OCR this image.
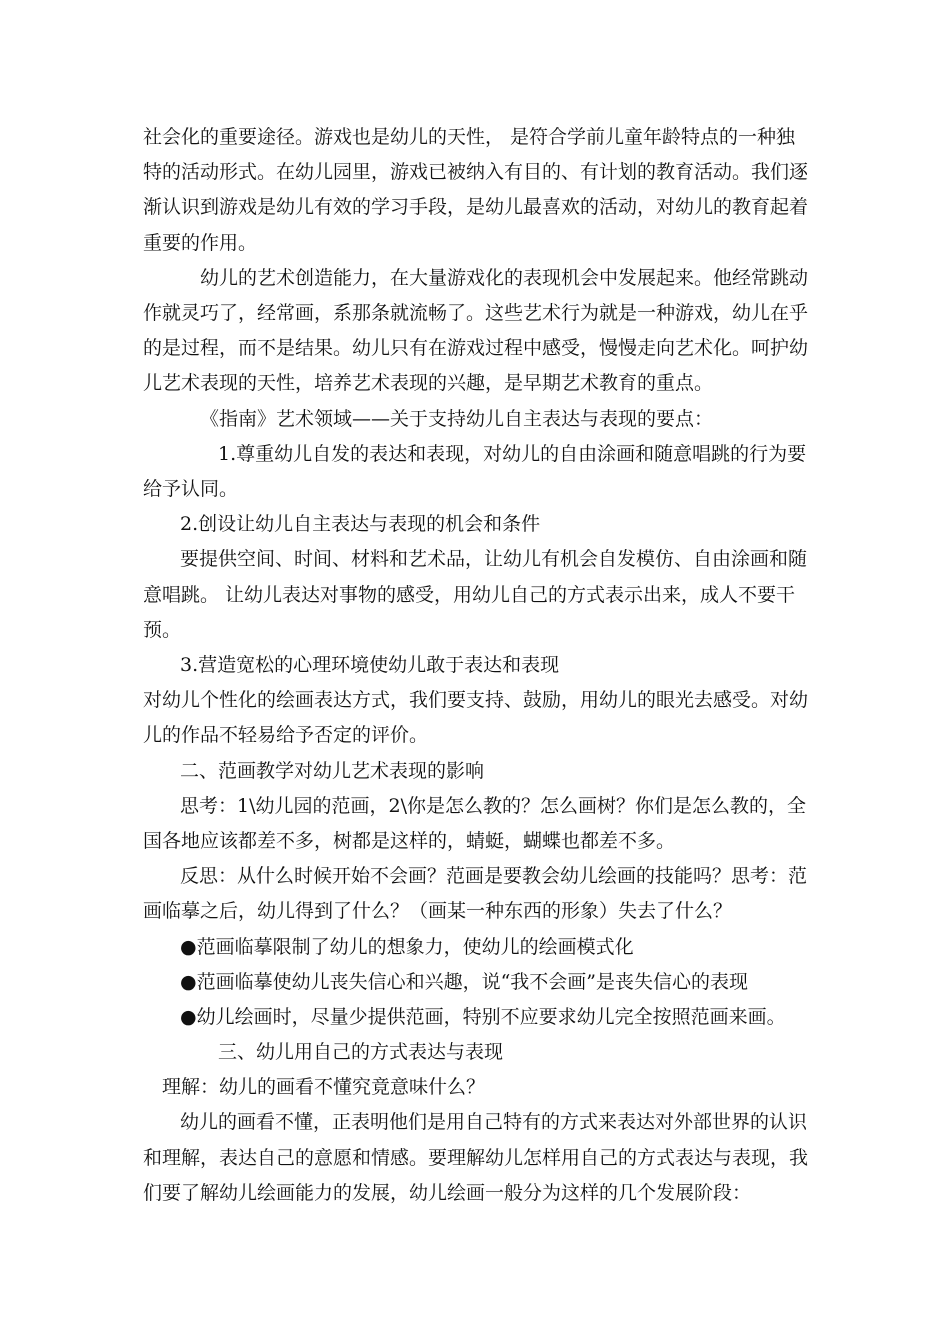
社会化的重要途径。游戏也是幼儿的天性， 是符合学前儿童年龄特点的一种独
特的活动形式。在幼儿园里，游戏已被纳入有目的、有计划的教育活动。我们逐
渐认识到游戏是幼儿有效的学习手段，是幼儿最喜欢的活动，对幼儿的教育起着
重要的作用。
幼儿的艺术创造能力，在大量游戏化的表现机会中发展起来。他经常跳动
作就灵巧了，经常画，系那条就流畅了。这些艺术行为就是一种游戏，幼儿在乎
的是过程，而不是结果。幼儿只有在游戏过程中感受，慢慢走向艺术化。呵护幼
儿艺术表现的天性，培养艺术表现的兴趣，是早期艺术教育的重点。
《指南》艺术领域——关于支持幼儿自主表达与表现的要点：
1.尊重幼儿自发的表达和表现，对幼儿的自由涂画和随意唱跳的行为要
给予认同。
2.创设让幼儿自主表达与表现的机会和条件
要提供空间、时间、材料和艺术品，让幼儿有机会自发模仿、自由涂画和随
意唱跳。 让幼儿表达对事物的感受，用幼儿自己的方式表示出来，成人不要干
预。
3.营造宽松的心理环境使幼儿敢于表达和表现
对幼儿个性化的绘画表达方式，我们要支持、鼓励，用幼儿的眼光去感受。对幼
儿的作品不轻易给予否定的评价。
二、范画教学对幼儿艺术表现的影响
思考：1\幼儿园的范画，2\你是怎么教的？怎么画树？你们是怎么教的，全
国各地应该都差不多，树都是这样的，蜻蜓，蝴蝶也都差不多。
反思：从什么时候开始不会画？范画是要教会幼儿绘画的技能吗？思考：范
画临摹之后，幼儿得到了什么？（画某一种东西的形象）失去了什么？
●范画临摹限制了幼儿的想象力，使幼儿的绘画模式化
●范画临摹使幼儿丧失信心和兴趣，说“我不会画”是丧失信心的表现
●幼儿绘画时，尽量少提供范画，特别不应要求幼儿完全按照范画来画。
三、幼儿用自己的方式表达与表现
理解：幼儿的画看不懂究竟意味什么？
幼儿的画看不懂，正表明他们是用自己特有的方式来表达对外部世界的认识
和理解，表达自己的意愿和情感。要理解幼儿怎样用自己的方式表达与表现，我
们要了解幼儿绘画能力的发展，幼儿绘画一般分为这样的几个发展阶段：
